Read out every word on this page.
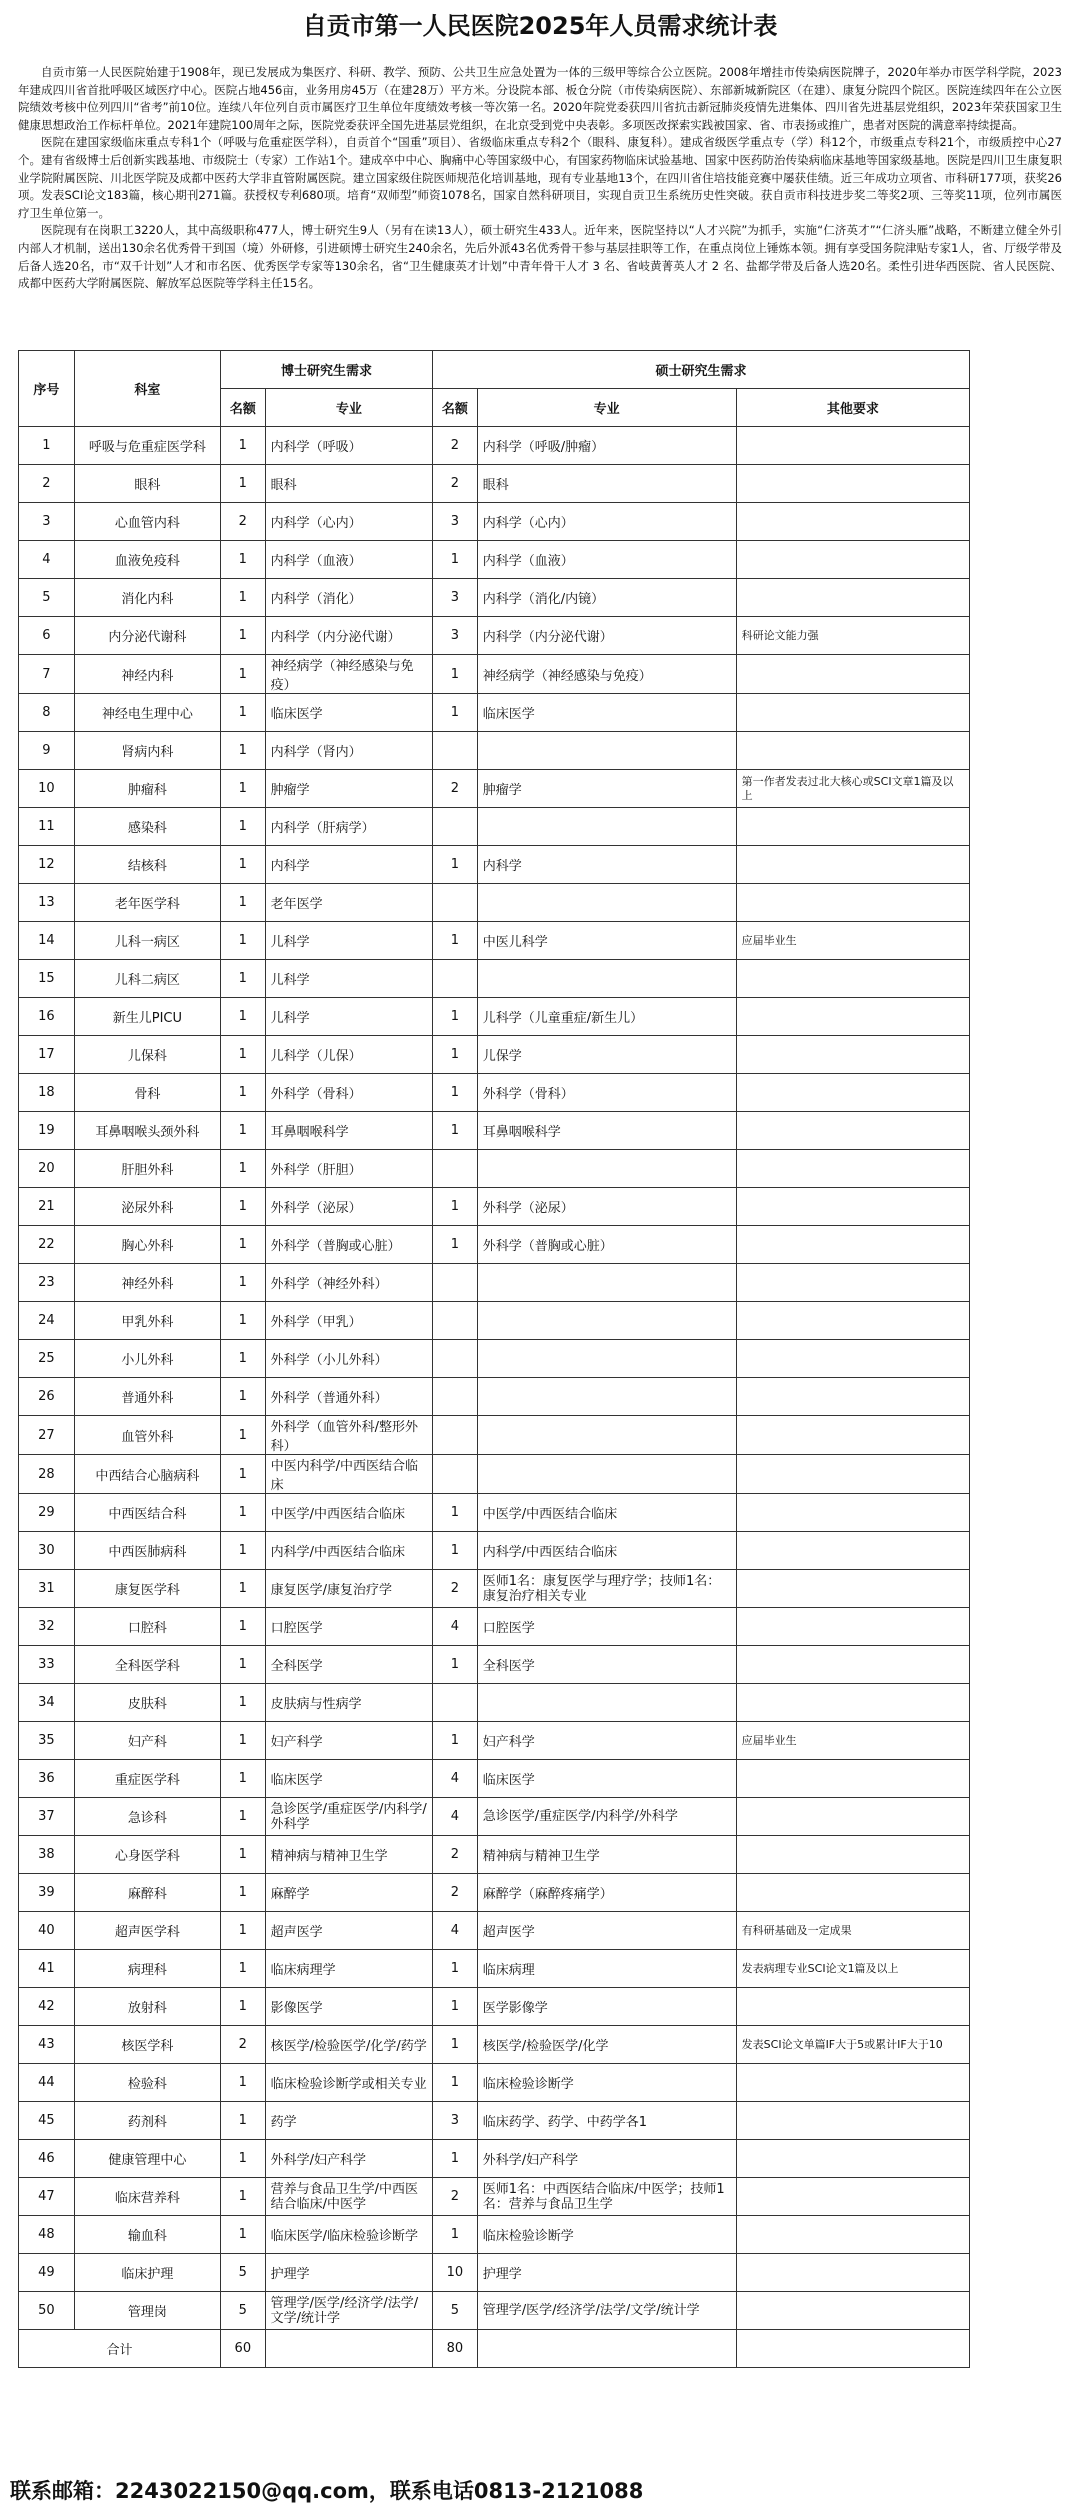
自贡市第一人民医院2025年人员需求统计表

自贡市第一人民医院始建于1908年，现已发展成为集医疗、科研、教学、预防、公共卫生应急处置为一体的三级甲等综合公立医院。2008年增挂市传染病医院牌子，2020年举办市医学科学院，2023年建成四川省首批呼吸区域医疗中心。医院占地456亩，业务用房45万（在建28万）平方米。分设院本部、板仓分院（市传染病医院）、东部新城新院区（在建）、康复分院四个院区。医院连续四年在公立医院绩效考核中位列四川“省考”前10位。连续八年位列自贡市属医疗卫生单位年度绩效考核一等次第一名。2020年院党委获四川省抗击新冠肺炎疫情先进集体、四川省先进基层党组织，2023年荣获国家卫生健康思想政治工作标杆单位。2021年建院100周年之际，医院党委获评全国先进基层党组织，在北京受到党中央表彰。多项医改探索实践被国家、省、市表扬或推广，患者对医院的满意率持续提高。

医院在建国家级临床重点专科1个（呼吸与危重症医学科），自贡首个“国重”项目）、省级临床重点专科2个（眼科、康复科）。建成省级医学重点专（学）科12个，市级重点专科21个，市级质控中心27个。建有省级博士后创新实践基地、市级院士（专家）工作站1个。建成卒中中心、胸痛中心等国家级中心，有国家药物临床试验基地、国家中医药防治传染病临床基地等国家级基地。医院是四川卫生康复职业学院附属医院、川北医学院及成都中医药大学非直管附属医院。建立国家级住院医师规范化培训基地，现有专业基地13个，在四川省住培技能竞赛中屡获佳绩。近三年成功立项省、市科研177项，获奖26项。发表SCI论文183篇，核心期刊271篇。获授权专利680项。培育“双师型”师资1078名，国家自然科研项目，实现自贡卫生系统历史性突破。获自贡市科技进步奖二等奖2项、三等奖11项，位列市属医疗卫生单位第一。

医院现有在岗职工3220人，其中高级职称477人，博士研究生9人（另有在读13人），硕士研究生433人。近年来，医院坚持以“人才兴院”为抓手，实施“仁济英才”“仁济头雁”战略，不断建立健全外引内部人才机制，送出130余名优秀骨干到国（境）外研修，引进硕博士研究生240余名，先后外派43名优秀骨干参与基层挂职等工作，在重点岗位上锤炼本领。拥有享受国务院津贴专家1人，省、厅级学带及后备人选20名，市“双千计划”人才和市名医、优秀医学专家等130余名，省“卫生健康英才计划”中青年骨干人才 3 名、省岐黄菁英人才 2 名、盐都学带及后备人选20名。柔性引进华西医院、省人民医院、成都中医药大学附属医院、解放军总医院等学科主任15名。

序号	科室	博士研究生需求		硕士研究生需求		
		名额	专业	名额	专业	其他要求
1	呼吸与危重症医学科	1	内科学（呼吸）	2	内科学（呼吸/肿瘤）	
2	眼科	1	眼科	2	眼科	
3	心血管内科	2	内科学（心内）	3	内科学（心内）	
4	血液免疫科	1	内科学（血液）	1	内科学（血液）	
5	消化内科	1	内科学（消化）	3	内科学（消化/内镜）	
6	内分泌代谢科	1	内科学（内分泌代谢）	3	内科学（内分泌代谢）	科研论文能力强
7	神经内科	1	神经病学（神经感染与免疫）	1	神经病学（神经感染与免疫）	
8	神经电生理中心	1	临床医学	1	临床医学	
9	肾病内科	1	内科学（肾内）			
10	肿瘤科	1	肿瘤学	2	肿瘤学	第一作者发表过北大核心或SCI文章1篇及以上
11	感染科	1	内科学（肝病学）			
12	结核科	1	内科学	1	内科学	
13	老年医学科	1	老年医学			
14	儿科一病区	1	儿科学	1	中医儿科学	应届毕业生
15	儿科二病区	1	儿科学			
16	新生儿PICU	1	儿科学	1	儿科学（儿童重症/新生儿）	
17	儿保科	1	儿科学（儿保）	1	儿保学	
18	骨科	1	外科学（骨科）	1	外科学（骨科）	
19	耳鼻咽喉头颈外科	1	耳鼻咽喉科学	1	耳鼻咽喉科学	
20	肝胆外科	1	外科学（肝胆）			
21	泌尿外科	1	外科学（泌尿）	1	外科学（泌尿）	
22	胸心外科	1	外科学（普胸或心脏）	1	外科学（普胸或心脏）	
23	神经外科	1	外科学（神经外科）			
24	甲乳外科	1	外科学（甲乳）			
25	小儿外科	1	外科学（小儿外科）			
26	普通外科	1	外科学（普通外科）			
27	血管外科	1	外科学（血管外科/整形外科）			
28	中西结合心脑病科	1	中医内科学/中西医结合临床			
29	中西医结合科	1	中医学/中西医结合临床	1	中医学/中西医结合临床	
30	中西医肺病科	1	内科学/中西医结合临床	1	内科学/中西医结合临床	
31	康复医学科	1	康复医学/康复治疗学	2	医师1名：康复医学与理疗学；技师1名：康复治疗相关专业	
32	口腔科	1	口腔医学	4	口腔医学	
33	全科医学科	1	全科医学	1	全科医学	
34	皮肤科	1	皮肤病与性病学			
35	妇产科	1	妇产科学	1	妇产科学	应届毕业生
36	重症医学科	1	临床医学	4	临床医学	
37	急诊科	1	急诊医学/重症医学/内科学/外科学	4	急诊医学/重症医学/内科学/外科学	
38	心身医学科	1	精神病与精神卫生学	2	精神病与精神卫生学	
39	麻醉科	1	麻醉学	2	麻醉学（麻醉疼痛学）	
40	超声医学科	1	超声医学	4	超声医学	有科研基础及一定成果
41	病理科	1	临床病理学	1	临床病理	发表病理专业SCI论文1篇及以上
42	放射科	1	影像医学	1	医学影像学	
43	核医学科	2	核医学/检验医学/化学/药学	1	核医学/检验医学/化学	发表SCI论文单篇IF大于5或累计IF大于10
44	检验科	1	临床检验诊断学或相关专业	1	临床检验诊断学	
45	药剂科	1	药学	3	临床药学、药学、中药学各1	
46	健康管理中心	1	外科学/妇产科学	1	外科学/妇产科学	
47	临床营养科	1	营养与食品卫生学/中西医结合临床/中医学	2	医师1名：中西医结合临床/中医学；技师1名：营养与食品卫生学	
48	输血科	1	临床医学/临床检验诊断学	1	临床检验诊断学	
49	临床护理	5	护理学	10	护理学	
50	管理岗	5	管理学/医学/经济学/法学/文学/统计学	5	管理学/医学/经济学/法学/文学/统计学	
合计		60		80		
联系邮箱：2243022150@qq.com，联系电话0813-2121088
